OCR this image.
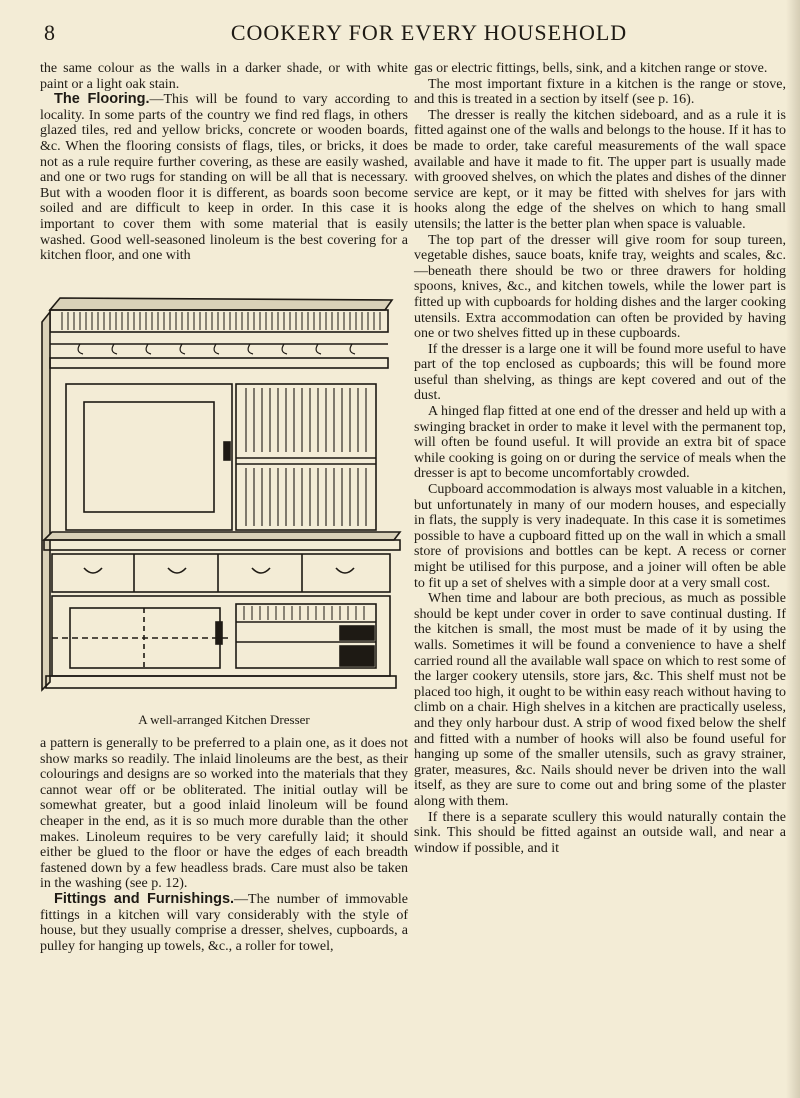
8	COOKERY FOR EVERY HOUSEHOLD

the same colour as the walls in a darker shade, or with white paint or a light oak stain.

The Flooring.—This will be found to vary according to locality. In some parts of the country we find red flags, in others glazed tiles, red and yellow bricks, concrete or wooden boards, &c. When the flooring consists of flags, tiles, or bricks, it does not as a rule require further covering, as these are easily washed, and one or two rugs for standing on will be all that is necessary. But with a wooden floor it is different, as boards soon become soiled and are difficult to keep in order. In this case it is important to cover them with some material that is easily washed. Good well-seasoned linoleum is the best covering for a kitchen floor, and one with

A well-arranged Kitchen Dresser

a pattern is generally to be preferred to a plain one, as it does not show marks so readily. The inlaid linoleums are the best, as their colourings and designs are so worked into the materials that they cannot wear off or be obliterated. The initial outlay will be somewhat greater, but a good inlaid linoleum will be found cheaper in the end, as it is so much more durable than the other makes. Linoleum requires to be very carefully laid; it should either be glued to the floor or have the edges of each breadth fastened down by a few headless brads. Care must also be taken in the washing (see p. 12).

Fittings and Furnishings.—The number of immovable fittings in a kitchen will vary considerably with the style of house, but they usually comprise a dresser, shelves, cupboards, a pulley for hanging up towels, &c., a roller for towel,

gas or electric fittings, bells, sink, and a kitchen range or stove.

The most important fixture in a kitchen is the range or stove, and this is treated in a section by itself (see p. 16).

The dresser is really the kitchen sideboard, and as a rule it is fitted against one of the walls and belongs to the house. If it has to be made to order, take careful measurements of the wall space available and have it made to fit. The upper part is usually made with grooved shelves, on which the plates and dishes of the dinner service are kept, or it may be fitted with shelves for jars with hooks along the edge of the shelves on which to hang small utensils; the latter is the better plan when space is valuable.

The top part of the dresser will give room for soup tureen, vegetable dishes, sauce boats, knife tray, weights and scales, &c.—beneath there should be two or three drawers for holding spoons, knives, &c., and kitchen towels, while the lower part is fitted up with cupboards for holding dishes and the larger cooking utensils. Extra accommodation can often be provided by having one or two shelves fitted up in these cupboards.

If the dresser is a large one it will be found more useful to have part of the top enclosed as cupboards; this will be found more useful than shelving, as things are kept covered and out of the dust.

A hinged flap fitted at one end of the dresser and held up with a swinging bracket in order to make it level with the permanent top, will often be found useful. It will provide an extra bit of space while cooking is going on or during the service of meals when the dresser is apt to become uncomfortably crowded.

Cupboard accommodation is always most valuable in a kitchen, but unfortunately in many of our modern houses, and especially in flats, the supply is very inadequate. In this case it is sometimes possible to have a cupboard fitted up on the wall in which a small store of provisions and bottles can be kept. A recess or corner might be utilised for this purpose, and a joiner will often be able to fit up a set of shelves with a simple door at a very small cost.

When time and labour are both precious, as much as possible should be kept under cover in order to save continual dusting. If the kitchen is small, the most must be made of it by using the walls. Sometimes it will be found a convenience to have a shelf carried round all the available wall space on which to rest some of the larger cookery utensils, store jars, &c. This shelf must not be placed too high, it ought to be within easy reach without having to climb on a chair. High shelves in a kitchen are practically useless, and they only harbour dust. A strip of wood fixed below the shelf and fitted with a number of hooks will also be found useful for hanging up some of the smaller utensils, such as gravy strainer, grater, measures, &c. Nails should never be driven into the wall itself, as they are sure to come out and bring some of the plaster along with them.

If there is a separate scullery this would naturally contain the sink. This should be fitted against an outside wall, and near a window if possible, and it
